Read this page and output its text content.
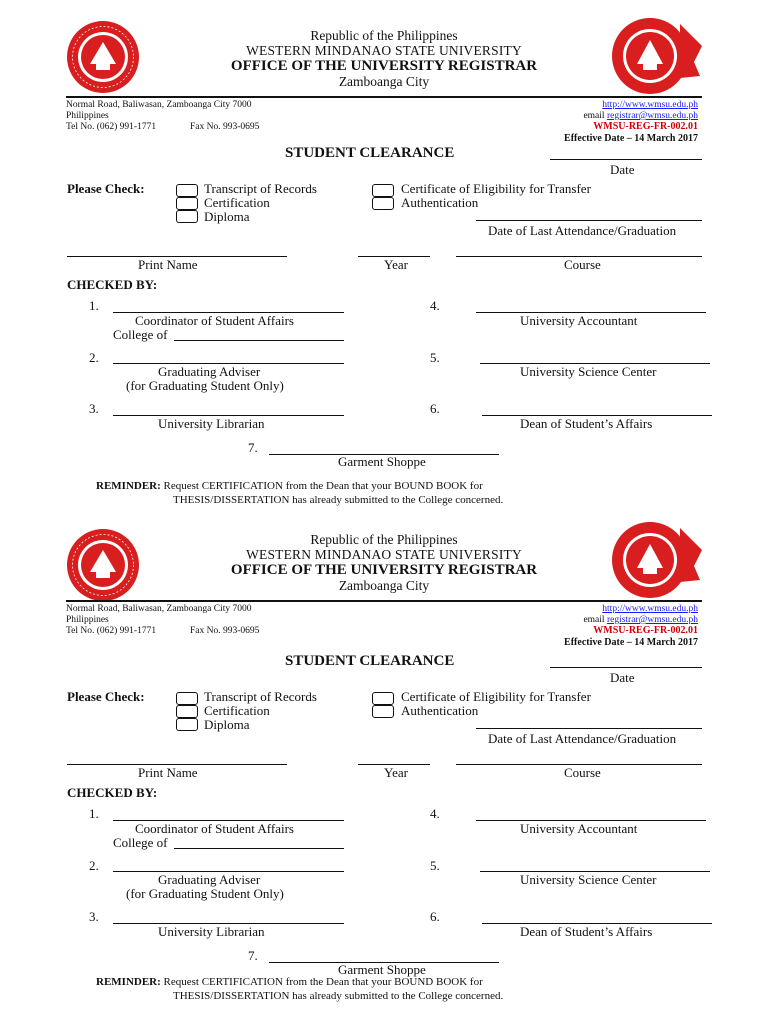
Republic of the Philippines
WESTERN MINDANAO STATE UNIVERSITY
OFFICE OF THE UNIVERSITY REGISTRAR
Zamboanga City
Normal Road, Baliwasan, Zamboanga City 7000
Philippines
Tel No. (062) 991-1771	Fax No. 993-0695
http://www.wmsu.edu.ph
email registrar@wmsu.edu.ph
WMSU-REG-FR-002.01
Effective Date – 14 March 2017
STUDENT CLEARANCE
Date
Please Check:	Transcript of Records
Certification
Diploma
Certificate of Eligibility for Transfer
Authentication
Date of Last Attendance/Graduation
Print Name	Year	Course
CHECKED BY:
1.
Coordinator of Student Affairs
College of
2.
Graduating Adviser
(for Graduating Student Only)
3.
University Librarian
4.
University Accountant
5.
University Science Center
6.
Dean of Student’s Affairs
7.
Garment Shoppe
REMINDER: Request CERTIFICATION from the Dean that your BOUND BOOK for
THESIS/DISSERTATION has already submitted to the College concerned.
Republic of the Philippines
WESTERN MINDANAO STATE UNIVERSITY
OFFICE OF THE UNIVERSITY REGISTRAR
Zamboanga City
Normal Road, Baliwasan, Zamboanga City 7000
Philippines
Tel No. (062) 991-1771	Fax No. 993-0695
http://www.wmsu.edu.ph
email registrar@wmsu.edu.ph
WMSU-REG-FR-002.01
Effective Date – 14 March 2017
STUDENT CLEARANCE
Date
Please Check:	Transcript of Records
Certification
Diploma
Certificate of Eligibility for Transfer
Authentication
Date of Last Attendance/Graduation
Print Name	Year	Course
CHECKED BY:
1.
Coordinator of Student Affairs
College of
2.
Graduating Adviser
(for Graduating Student Only)
3.
University Librarian
4.
University Accountant
5.
University Science Center
6.
Dean of Student’s Affairs
7.
Garment Shoppe
REMINDER: Request CERTIFICATION from the Dean that your BOUND BOOK for
THESIS/DISSERTATION has already submitted to the College concerned.
